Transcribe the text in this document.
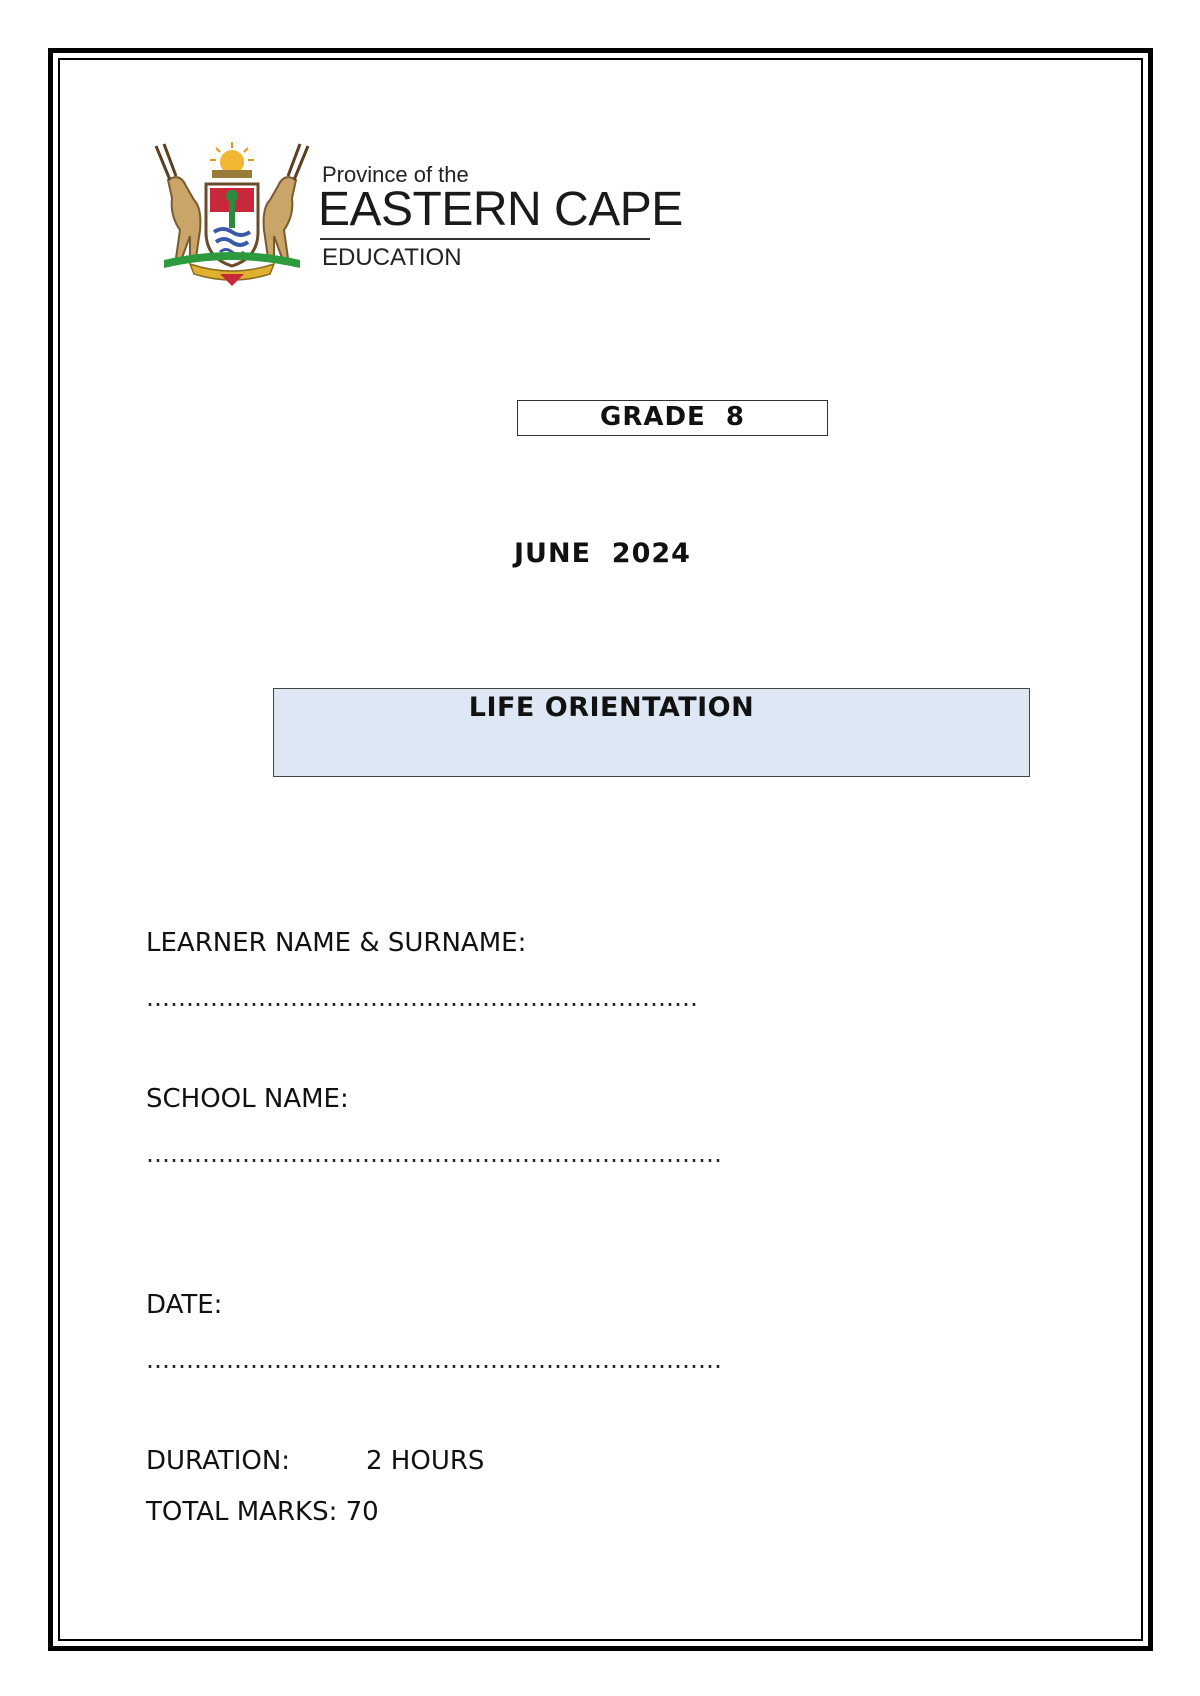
Province of the
EASTERN CAPE
EDUCATION
GRADE  8
JUNE  2024
LIFE ORIENTATION
LEARNER NAME & SURNAME:
……………………………………………………………
SCHOOL NAME:
………………………………………………………………
DATE:
………………………………………………………………
DURATION:	2 HOURS
TOTAL MARKS: 70
